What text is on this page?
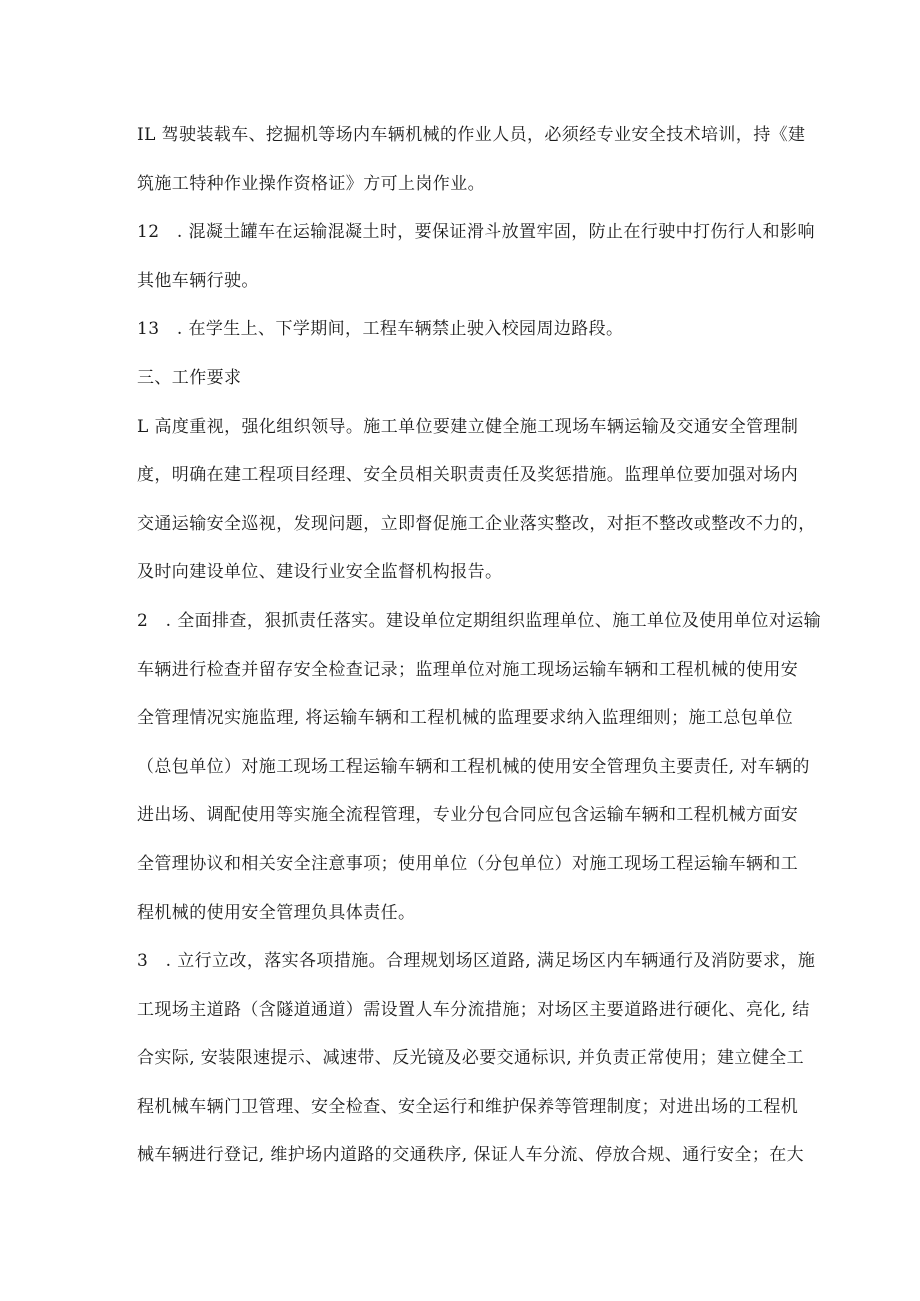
IL 驾驶装载车、挖掘机等场内车辆机械的作业人员，必须经专业安全技术培训，持《建
筑施工特种作业操作资格证》方可上岗作业。
12　. 混凝土罐车在运输混凝土时，要保证滑斗放置牢固，防止在行驶中打伤行人和影响
其他车辆行驶。
13　. 在学生上、下学期间，工程车辆禁止驶入校园周边路段。
三、工作要求
L 高度重视，强化组织领导。施工单位要建立健全施工现场车辆运输及交通安全管理制
度，明确在建工程项目经理、安全员相关职责责任及奖惩措施。监理单位要加强对场内
交通运输安全巡视，发现问题，立即督促施工企业落实整改，对拒不整改或整改不力的，
及时向建设单位、建设行业安全监督机构报告。
2　. 全面排查，狠抓责任落实。建设单位定期组织监理单位、施工单位及使用单位对运输
车辆进行检查并留存安全检查记录；监理单位对施工现场运输车辆和工程机械的使用安
全管理情况实施监理, 将运输车辆和工程机械的监理要求纳入监理细则；施工总包单位
（总包单位）对施工现场工程运输车辆和工程机械的使用安全管理负主要责任, 对车辆的
进出场、调配使用等实施全流程管理，专业分包合同应包含运输车辆和工程机械方面安
全管理协议和相关安全注意事项；使用单位（分包单位）对施工现场工程运输车辆和工
程机械的使用安全管理负具体责任。
3　. 立行立改，落实各项措施。合理规划场区道路, 满足场区内车辆通行及消防要求，施
工现场主道路（含隧道通道）需设置人车分流措施；对场区主要道路进行硬化、亮化, 结
合实际, 安装限速提示、减速带、反光镜及必要交通标识, 并负责正常使用；建立健全工
程机械车辆门卫管理、安全检查、安全运行和维护保养等管理制度；对进出场的工程机
械车辆进行登记, 维护场内道路的交通秩序, 保证人车分流、停放合规、通行安全；在大
